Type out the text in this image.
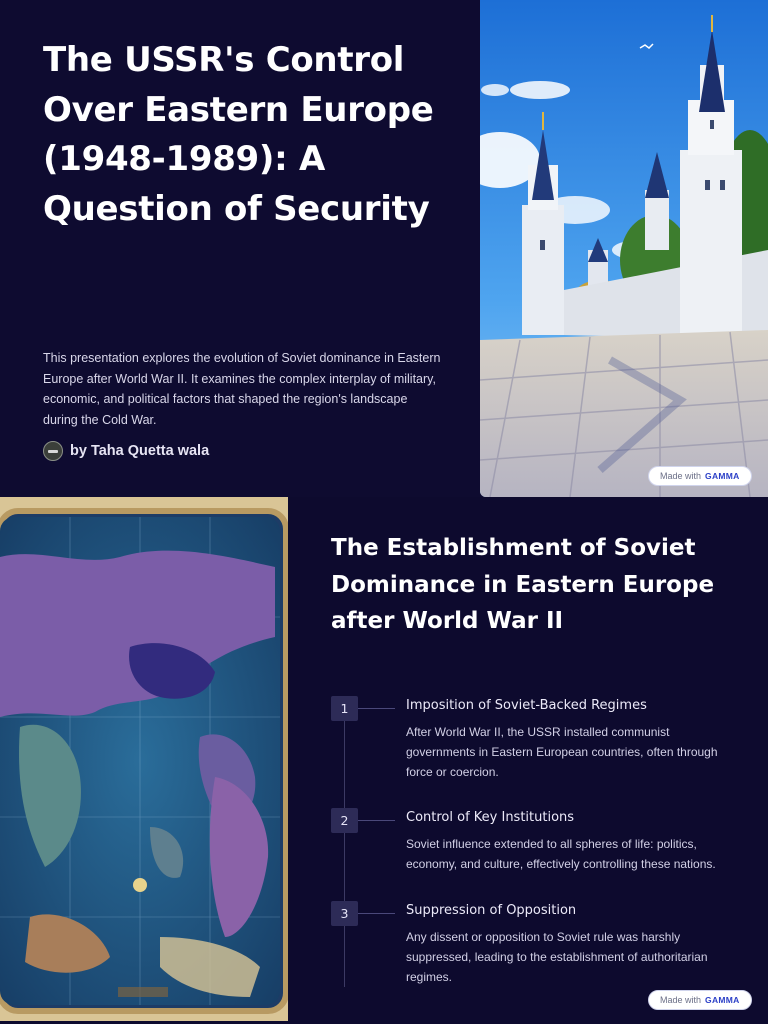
The USSR's Control Over Eastern Europe (1948-1989): A Question of Security

This presentation explores the evolution of Soviet dominance in Eastern Europe after World War II. It examines the complex interplay of military, economic, and political factors that shaped the region's landscape during the Cold War.

by Taha Quetta wala
Made with GAMMA
The Establishment of Soviet Dominance in Eastern Europe after World War II
1	Imposition of Soviet-Backed Regimes
After World War II, the USSR installed communist governments in Eastern European countries, often through force or coercion.
2	Control of Key Institutions
Soviet influence extended to all spheres of life: politics, economy, and culture, effectively controlling these nations.
3	Suppression of Opposition
Any dissent or opposition to Soviet rule was harshly suppressed, leading to the establishment of authoritarian regimes.
Made with GAMMA
